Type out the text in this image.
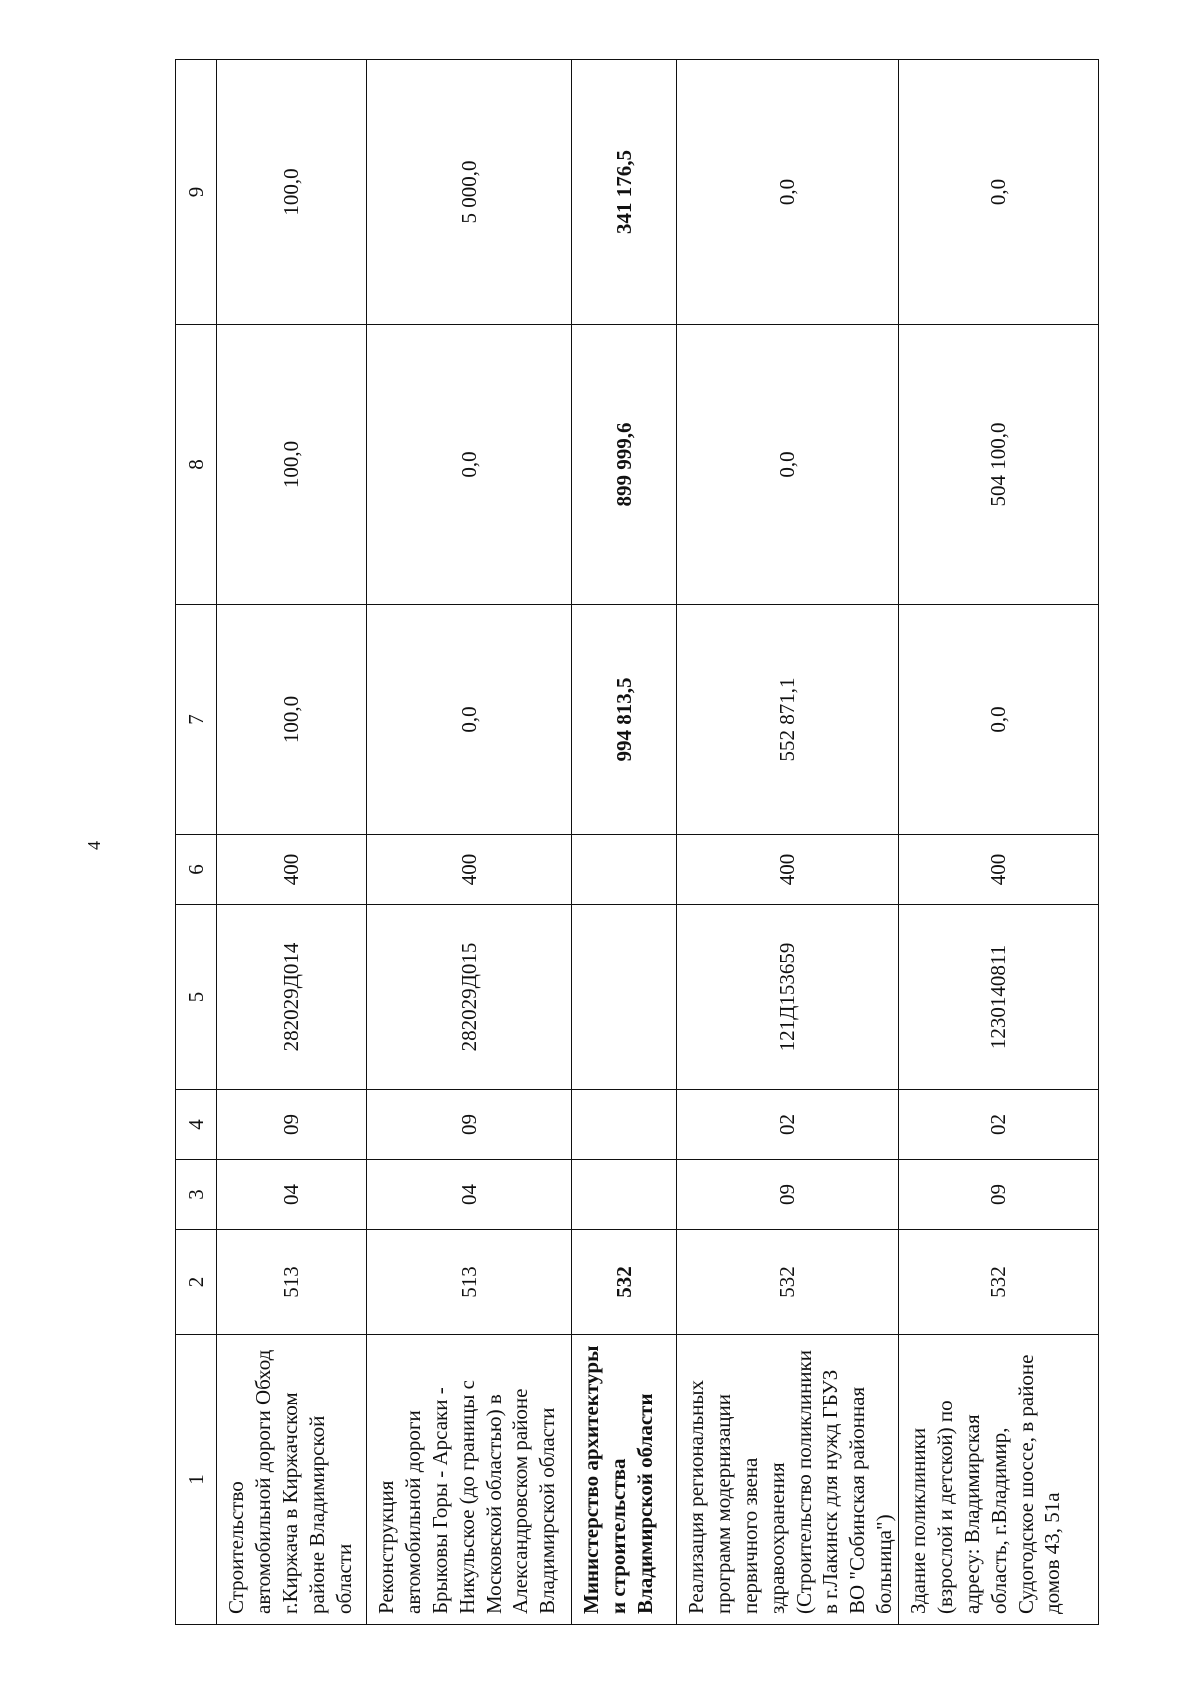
4
1	2	3	4	5	6	7	8	9
Строительство автомобильной дороги Обход г.Киржача в Киржачском районе Владимирской области	513	04	09	282029Д014	400	100,0	100,0	100,0
Реконструкция автомобильной дороги Брыковы Горы - Арсаки - Никульское (до границы с Московской областью) в Александровском районе Владимирской области	513	04	09	282029Д015	400	0,0	0,0	5 000,0
Министерство архитектуры и строительства Владимирской области	532					994 813,5	899 999,6	341 176,5
Реализация региональных программ модернизации первичного звена здравоохранения (Строительство поликлиники в г.Лакинск для нужд ГБУЗ ВО "Собинская районная больница")	532	09	02	121Д153659	400	552 871,1	0,0	0,0
Здание поликлиники (взрослой и детской) по адресу: Владимирская область, г.Владимир, Судогодское шоссе, в районе домов 43, 51а	532	09	02	1230140811	400	0,0	504 100,0	0,0
